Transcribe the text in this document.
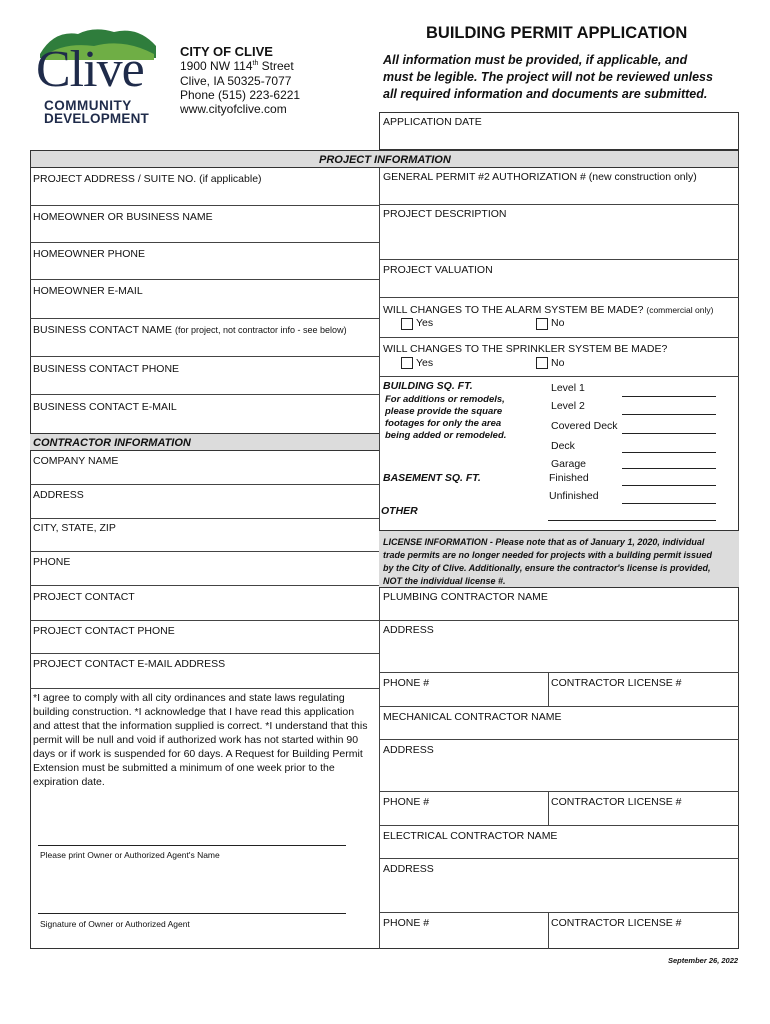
Clive
COMMUNITY
DEVELOPMENT
CITY OF CLIVE
1900 NW 114th Street
Clive, IA 50325-7077
Phone (515) 223-6221
www.cityofclive.com
BUILDING PERMIT APPLICATION
All information must be provided, if applicable, and
must be legible. The project will not be reviewed unless
all required information and documents are submitted.
APPLICATION DATE
PROJECT INFORMATION
PROJECT ADDRESS / SUITE NO. (if applicable)
HOMEOWNER OR BUSINESS NAME
HOMEOWNER PHONE
HOMEOWNER E-MAIL
BUSINESS CONTACT NAME (for project, not contractor info - see below)
BUSINESS CONTACT PHONE
BUSINESS CONTACT E-MAIL
CONTRACTOR INFORMATION
COMPANY NAME
ADDRESS
CITY, STATE, ZIP
PHONE
PROJECT CONTACT
PROJECT CONTACT PHONE
PROJECT CONTACT E-MAIL ADDRESS
*I agree to comply with all city ordinances and state laws regulating
building construction. *I acknowledge that I have read this application
and attest that the information supplied is correct. *I understand that this
permit will be null and void if authorized work has not started within 90
days or if work is suspended for 60 days. A Request for Building Permit
Extension must be submitted a minimum of one week prior to the
expiration date.
Please print Owner or Authorized Agent's Name
Signature of Owner or Authorized Agent
GENERAL PERMIT #2 AUTHORIZATION # (new construction only)
PROJECT DESCRIPTION
PROJECT VALUATION
WILL CHANGES TO THE ALARM SYSTEM BE MADE? (commercial only)
Yes	No
WILL CHANGES TO THE SPRINKLER SYSTEM BE MADE?
Yes	No
BUILDING SQ. FT.
For additions or remodels,
please provide the square
footages for only the area
being added or remodeled.
Level 1
Level 2
Covered Deck
Deck
Garage
BASEMENT SQ. FT.	Finished
Unfinished
OTHER
LICENSE INFORMATION - Please note that as of January 1, 2020, individual
trade permits are no longer needed for projects with a building permit issued
by the City of Clive. Additionally, ensure the contractor's license is provided,
NOT the individual license #.
PLUMBING CONTRACTOR NAME
ADDRESS
PHONE #	CONTRACTOR LICENSE #
MECHANICAL CONTRACTOR NAME
ADDRESS
PHONE #	CONTRACTOR LICENSE #
ELECTRICAL CONTRACTOR NAME
ADDRESS
PHONE #	CONTRACTOR LICENSE #
September 26, 2022
